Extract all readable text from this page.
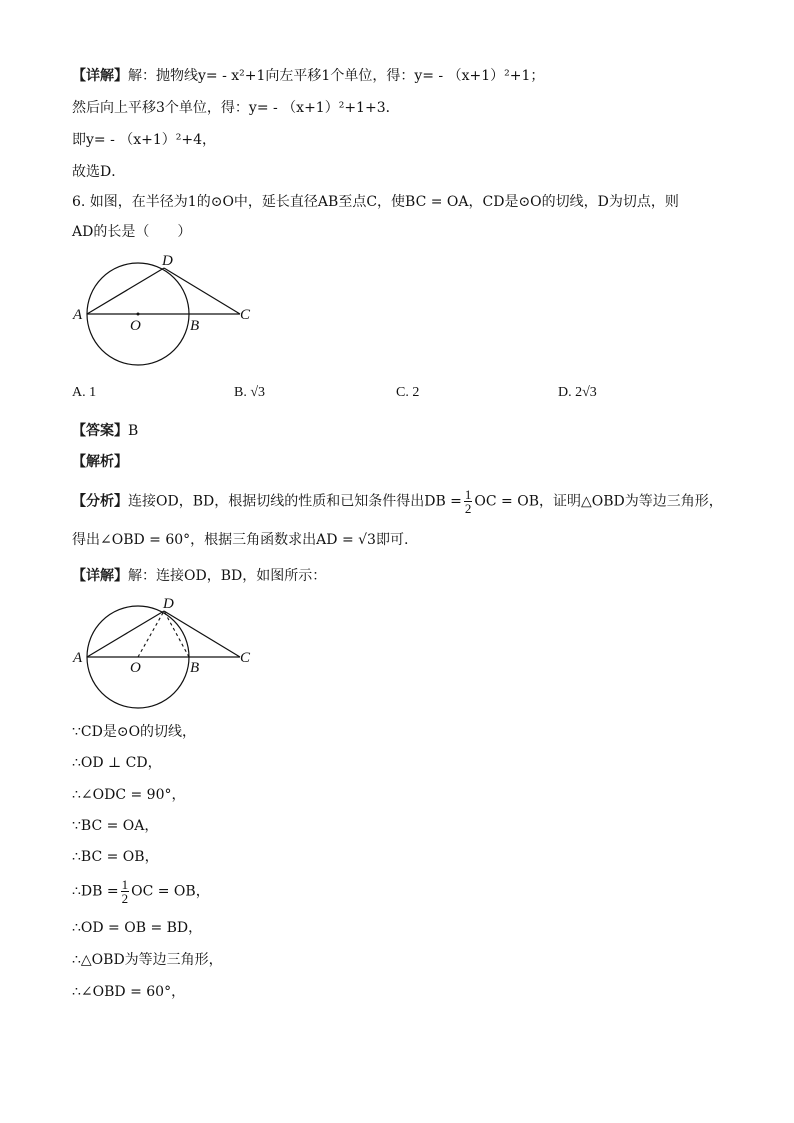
【详解】解：抛物线y= - x²+1向左平移1个单位，得：y= - （x+1）²+1；
然后向上平移3个单位，得：y= - （x+1）²+1+3．
即y= - （x+1）²+4，
故选D．
6. 如图，在半径为1的⊙O中，延长直径AB至点C，使BC = OA，CD是⊙O的切线，D为切点，则
AD的长是（　　）
A
D
C
O	B
A. 1	B. √3	C. 2	D. 2√3
【答案】B
【解析】
【分析】连接OD，BD，根据切线的性质和已知条件得出DB = $\frac{1}{2}$ OC = OB，证明△OBD为等边三角形，
得出∠OBD = 60°，根据三角函数求出AD = √3即可.
【详解】解：连接OD，BD，如图所示：
A
D
C
O	B
∵CD是⊙O的切线，
∴OD ⊥ CD，
∴∠ODC = 90°，
∵BC = OA，
∴BC = OB，
∴DB = $\frac{1}{2}$ OC = OB，
∴OD = OB = BD，
∴△OBD为等边三角形，
∴∠OBD = 60°，
